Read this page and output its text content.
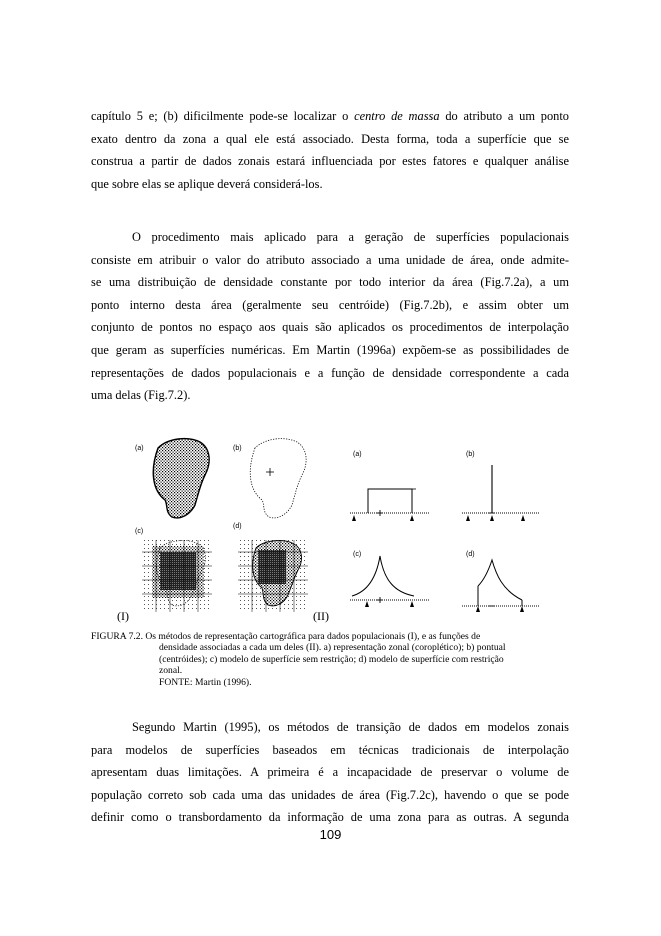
capítulo 5 e; (b) dificilmente pode-se localizar o centro de massa do atributo a um ponto
exato dentro da zona a qual ele está associado. Desta forma, toda a superfície que se
construa a partir de dados zonais estará influenciada por estes fatores e qualquer análise
que sobre elas se aplique deverá considerá-los.
O procedimento mais aplicado para a geração de superfícies populacionais
consiste em atribuir o valor do atributo associado a uma unidade de área, onde admite-
se uma distribuição de densidade constante por todo interior da área (Fig.7.2a), a um
ponto interno desta área (geralmente seu centróide) (Fig.7.2b), e assim obter um
conjunto de pontos no espaço aos quais são aplicados os procedimentos de interpolação
que geram as superfícies numéricas. Em Martin (1996a) expõem-se as possibilidades de
representações de dados populacionais e a função de densidade correspondente a cada
uma delas (Fig.7.2).
(a)	(b)
(c)
(d)
(I)	(II)
(a)	(b)
(c)	(d)
FIGURA 7.2. Os métodos de representação cartográfica para dados populacionais (I), e as funções de
densidade associadas a cada um deles (II). a) representação zonal (coroplético); b) pontual
(centróides); c) modelo de superfície sem restrição; d) modelo de superfície com restrição
zonal.
FONTE: Martin (1996).
Segundo Martin (1995), os métodos de transição de dados em modelos zonais
para modelos de superfícies baseados em técnicas tradicionais de interpolação
apresentam duas limitações. A primeira é a incapacidade de preservar o volume de
população correto sob cada uma das unidades de área (Fig.7.2c), havendo o que se pode
definir como o transbordamento da informação de uma zona para as outras. A segunda
109
